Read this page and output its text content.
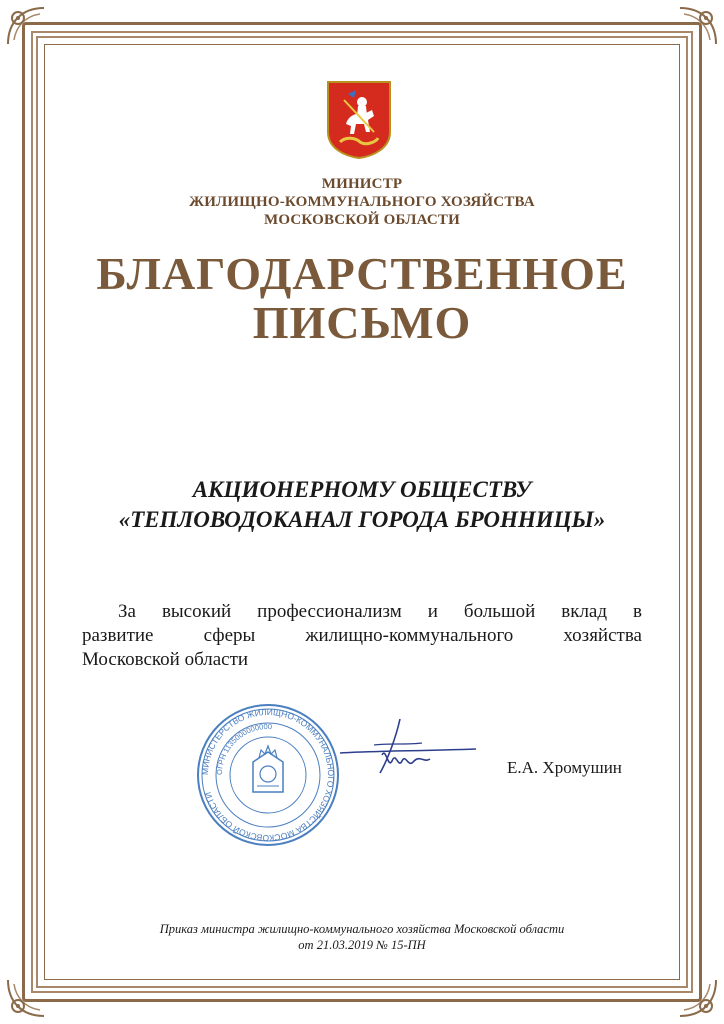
МИНИСТР
ЖИЛИЩНО-КОММУНАЛЬНОГО ХОЗЯЙСТВА
МОСКОВСКОЙ ОБЛАСТИ
БЛАГОДАРСТВЕННОЕ
ПИСЬМО
АКЦИОНЕРНОМУ ОБЩЕСТВУ
«ТЕПЛОВОДОКАНАЛ ГОРОДА БРОННИЦЫ»
За высокий профессионализм и большой вклад в
развитие сферы жилищно-коммунального хозяйства
Московской области
МИНИСТЕРСТВО ЖИЛИЩНО-КОММУНАЛЬНОГО ХОЗЯЙСТВА МОСКОВСКОЙ ОБЛАСТИ
ОГРН 1135000000000
Е.А. Хромушин
Приказ министра жилищно-коммунального хозяйства Московской области
от 21.03.2019 № 15-ПН
